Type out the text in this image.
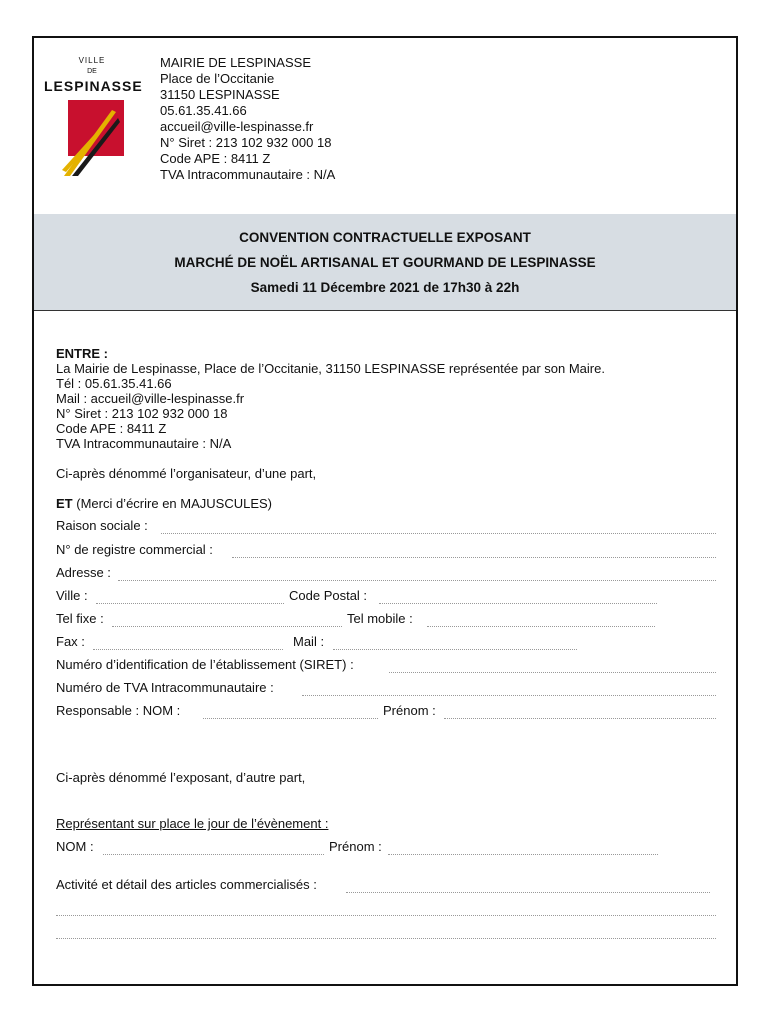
VILLE
DE
LESPINASSE
MAIRIE DE LESPINASSE
Place de l’Occitanie
31150 LESPINASSE
05.61.35.41.66
accueil@ville-lespinasse.fr
N° Siret : 213 102 932 000 18
Code APE : 8411 Z
TVA Intracommunautaire : N/A
CONVENTION CONTRACTUELLE EXPOSANT
MARCHÉ DE NOËL ARTISANAL ET GOURMAND DE LESPINASSE
Samedi 11 Décembre 2021 de 17h30 à 22h
ENTRE :
La Mairie de Lespinasse, Place de l’Occitanie, 31150 LESPINASSE représentée par son Maire.
Tél : 05.61.35.41.66
Mail : accueil@ville-lespinasse.fr
N° Siret : 213 102 932 000 18
Code APE : 8411 Z
TVA Intracommunautaire : N/A
Ci-après dénommé l’organisateur, d’une part,
ET (Merci d’écrire en MAJUSCULES)
Raison sociale :
N° de registre commercial :
Adresse :
Ville :	Code Postal :
Tel fixe :	Tel mobile :
Fax :	Mail :
Numéro d’identification de l’établissement (SIRET) :
Numéro de TVA Intracommunautaire :
Responsable : NOM :	Prénom :
Ci-après dénommé l’exposant, d’autre part,
Représentant sur place le jour de l’évènement :
NOM :	Prénom :
Activité et détail des articles commercialisés :
